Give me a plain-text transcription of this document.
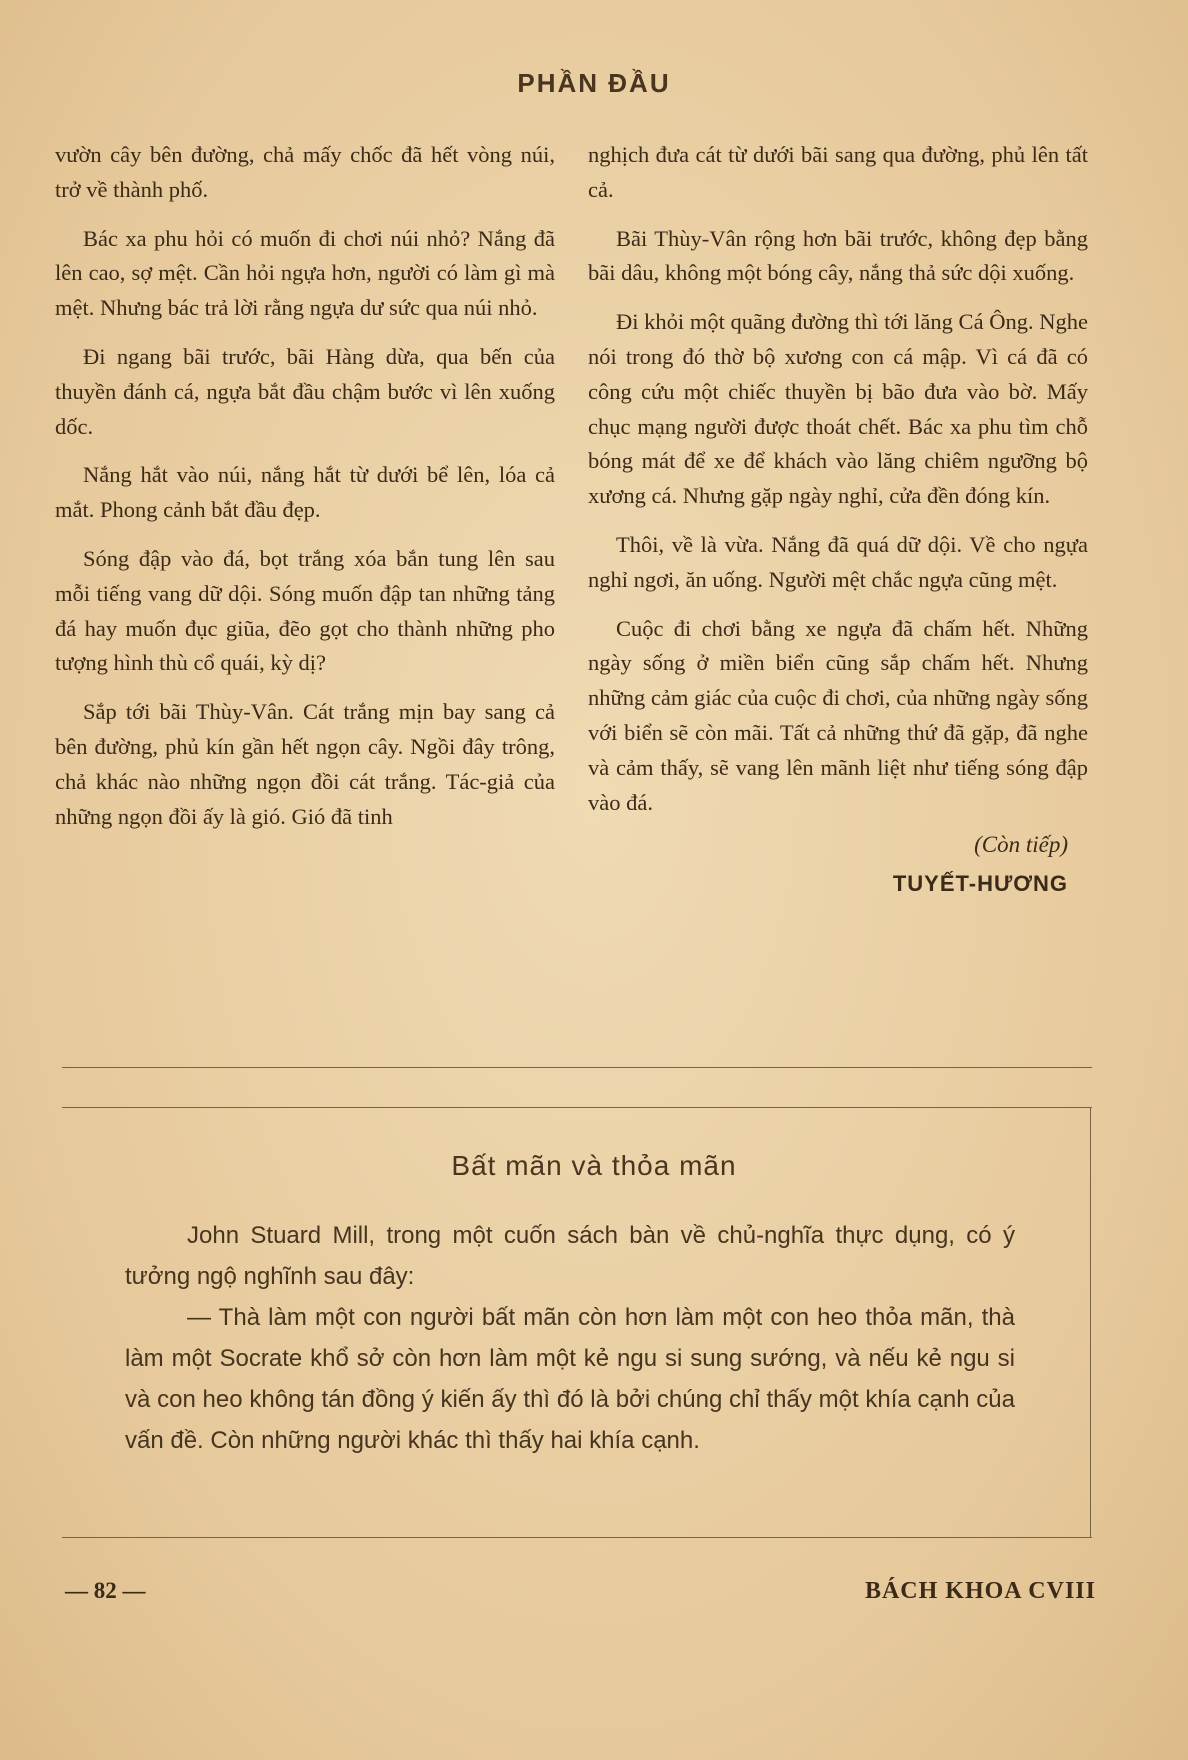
PHẦN ĐẦU

vườn cây bên đường, chả mấy chốc đã hết vòng núi, trở về thành phố.

Bác xa phu hỏi có muốn đi chơi núi nhỏ? Nắng đã lên cao, sợ mệt. Cần hỏi ngựa hơn, người có làm gì mà mệt. Nhưng bác trả lời rằng ngựa dư sức qua núi nhỏ.

Đi ngang bãi trước, bãi Hàng dừa, qua bến của thuyền đánh cá, ngựa bắt đầu chậm bước vì lên xuống dốc.

Nắng hắt vào núi, nắng hắt từ dưới bể lên, lóa cả mắt. Phong cảnh bắt đầu đẹp.

Sóng đập vào đá, bọt trắng xóa bắn tung lên sau mỗi tiếng vang dữ dội. Sóng muốn đập tan những tảng đá hay muốn đục giũa, đẽo gọt cho thành những pho tượng hình thù cổ quái, kỳ dị?

Sắp tới bãi Thùy-Vân. Cát trắng mịn bay sang cả bên đường, phủ kín gần hết ngọn cây. Ngồi đây trông, chả khác nào những ngọn đồi cát trắng. Tác-giả của những ngọn đồi ấy là gió. Gió đã tinh

nghịch đưa cát từ dưới bãi sang qua đường, phủ lên tất cả.

Bãi Thùy-Vân rộng hơn bãi trước, không đẹp bằng bãi dâu, không một bóng cây, nắng thả sức dội xuống.

Đi khỏi một quãng đường thì tới lăng Cá Ông. Nghe nói trong đó thờ bộ xương con cá mập. Vì cá đã có công cứu một chiếc thuyền bị bão đưa vào bờ. Mấy chục mạng người được thoát chết. Bác xa phu tìm chỗ bóng mát để xe để khách vào lăng chiêm ngưỡng bộ xương cá. Nhưng gặp ngày nghỉ, cửa đền đóng kín.

Thôi, về là vừa. Nắng đã quá dữ dội. Về cho ngựa nghỉ ngơi, ăn uống. Người mệt chắc ngựa cũng mệt.

Cuộc đi chơi bằng xe ngựa đã chấm hết. Những ngày sống ở miền biển cũng sắp chấm hết. Nhưng những cảm giác của cuộc đi chơi, của những ngày sống với biển sẽ còn mãi. Tất cả những thứ đã gặp, đã nghe và cảm thấy, sẽ vang lên mãnh liệt như tiếng sóng đập vào đá.

(Còn tiếp)
TUYẾT-HƯƠNG
Bất mãn và thỏa mãn

John Stuard Mill, trong một cuốn sách bàn về chủ-nghĩa thực dụng, có ý tưởng ngộ nghĩnh sau đây:

— Thà làm một con người bất mãn còn hơn làm một con heo thỏa mãn, thà làm một Socrate khổ sở còn hơn làm một kẻ ngu si sung sướng, và nếu kẻ ngu si và con heo không tán đồng ý kiến ấy thì đó là bởi chúng chỉ thấy một khía cạnh của vấn đề. Còn những người khác thì thấy hai khía cạnh.

— 82 —	BÁCH KHOA CVIII
